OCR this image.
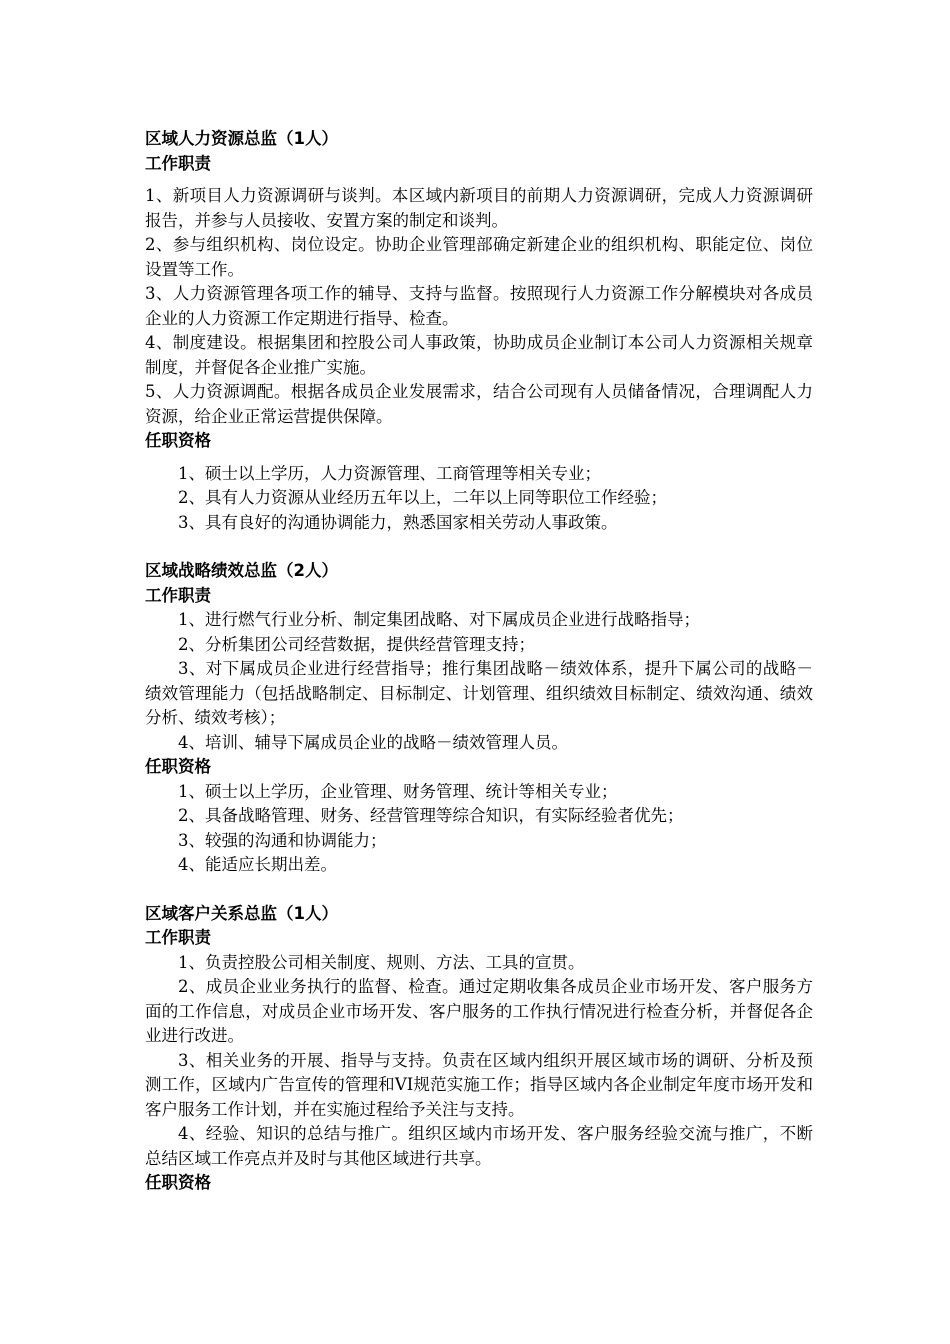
区域人力资源总监（1人）
工作职责
1、新项目人力资源调研与谈判。本区域内新项目的前期人力资源调研，完成人力资源调研报告，并参与人员接收、安置方案的制定和谈判。
2、参与组织机构、岗位设定。协助企业管理部确定新建企业的组织机构、职能定位、岗位设置等工作。
3、人力资源管理各项工作的辅导、支持与监督。按照现行人力资源工作分解模块对各成员企业的人力资源工作定期进行指导、检查。
4、制度建设。根据集团和控股公司人事政策，协助成员企业制订本公司人力资源相关规章制度，并督促各企业推广实施。
5、人力资源调配。根据各成员企业发展需求，结合公司现有人员储备情况，合理调配人力资源，给企业正常运营提供保障。
任职资格
1、硕士以上学历，人力资源管理、工商管理等相关专业；
2、具有人力资源从业经历五年以上，二年以上同等职位工作经验；
3、具有良好的沟通协调能力，熟悉国家相关劳动人事政策。
区域战略绩效总监（2人）
工作职责
1、进行燃气行业分析、制定集团战略、对下属成员企业进行战略指导；
2、分析集团公司经营数据，提供经营管理支持；
3、对下属成员企业进行经营指导；推行集团战略－绩效体系，提升下属公司的战略－绩效管理能力（包括战略制定、目标制定、计划管理、组织绩效目标制定、绩效沟通、绩效分析、绩效考核）；
4、培训、辅导下属成员企业的战略－绩效管理人员。
任职资格
1、硕士以上学历，企业管理、财务管理、统计等相关专业；
2、具备战略管理、财务、经营管理等综合知识，有实际经验者优先；
3、较强的沟通和协调能力；
4、能适应长期出差。
区域客户关系总监（1人）
工作职责
1、负责控股公司相关制度、规则、方法、工具的宣贯。
2、成员企业业务执行的监督、检查。通过定期收集各成员企业市场开发、客户服务方面的工作信息，对成员企业市场开发、客户服务的工作执行情况进行检查分析，并督促各企业进行改进。
3、相关业务的开展、指导与支持。负责在区域内组织开展区域市场的调研、分析及预测工作，区域内广告宣传的管理和VI规范实施工作；指导区域内各企业制定年度市场开发和客户服务工作计划，并在实施过程给予关注与支持。
4、经验、知识的总结与推广。组织区域内市场开发、客户服务经验交流与推广，不断总结区域工作亮点并及时与其他区域进行共享。
任职资格
